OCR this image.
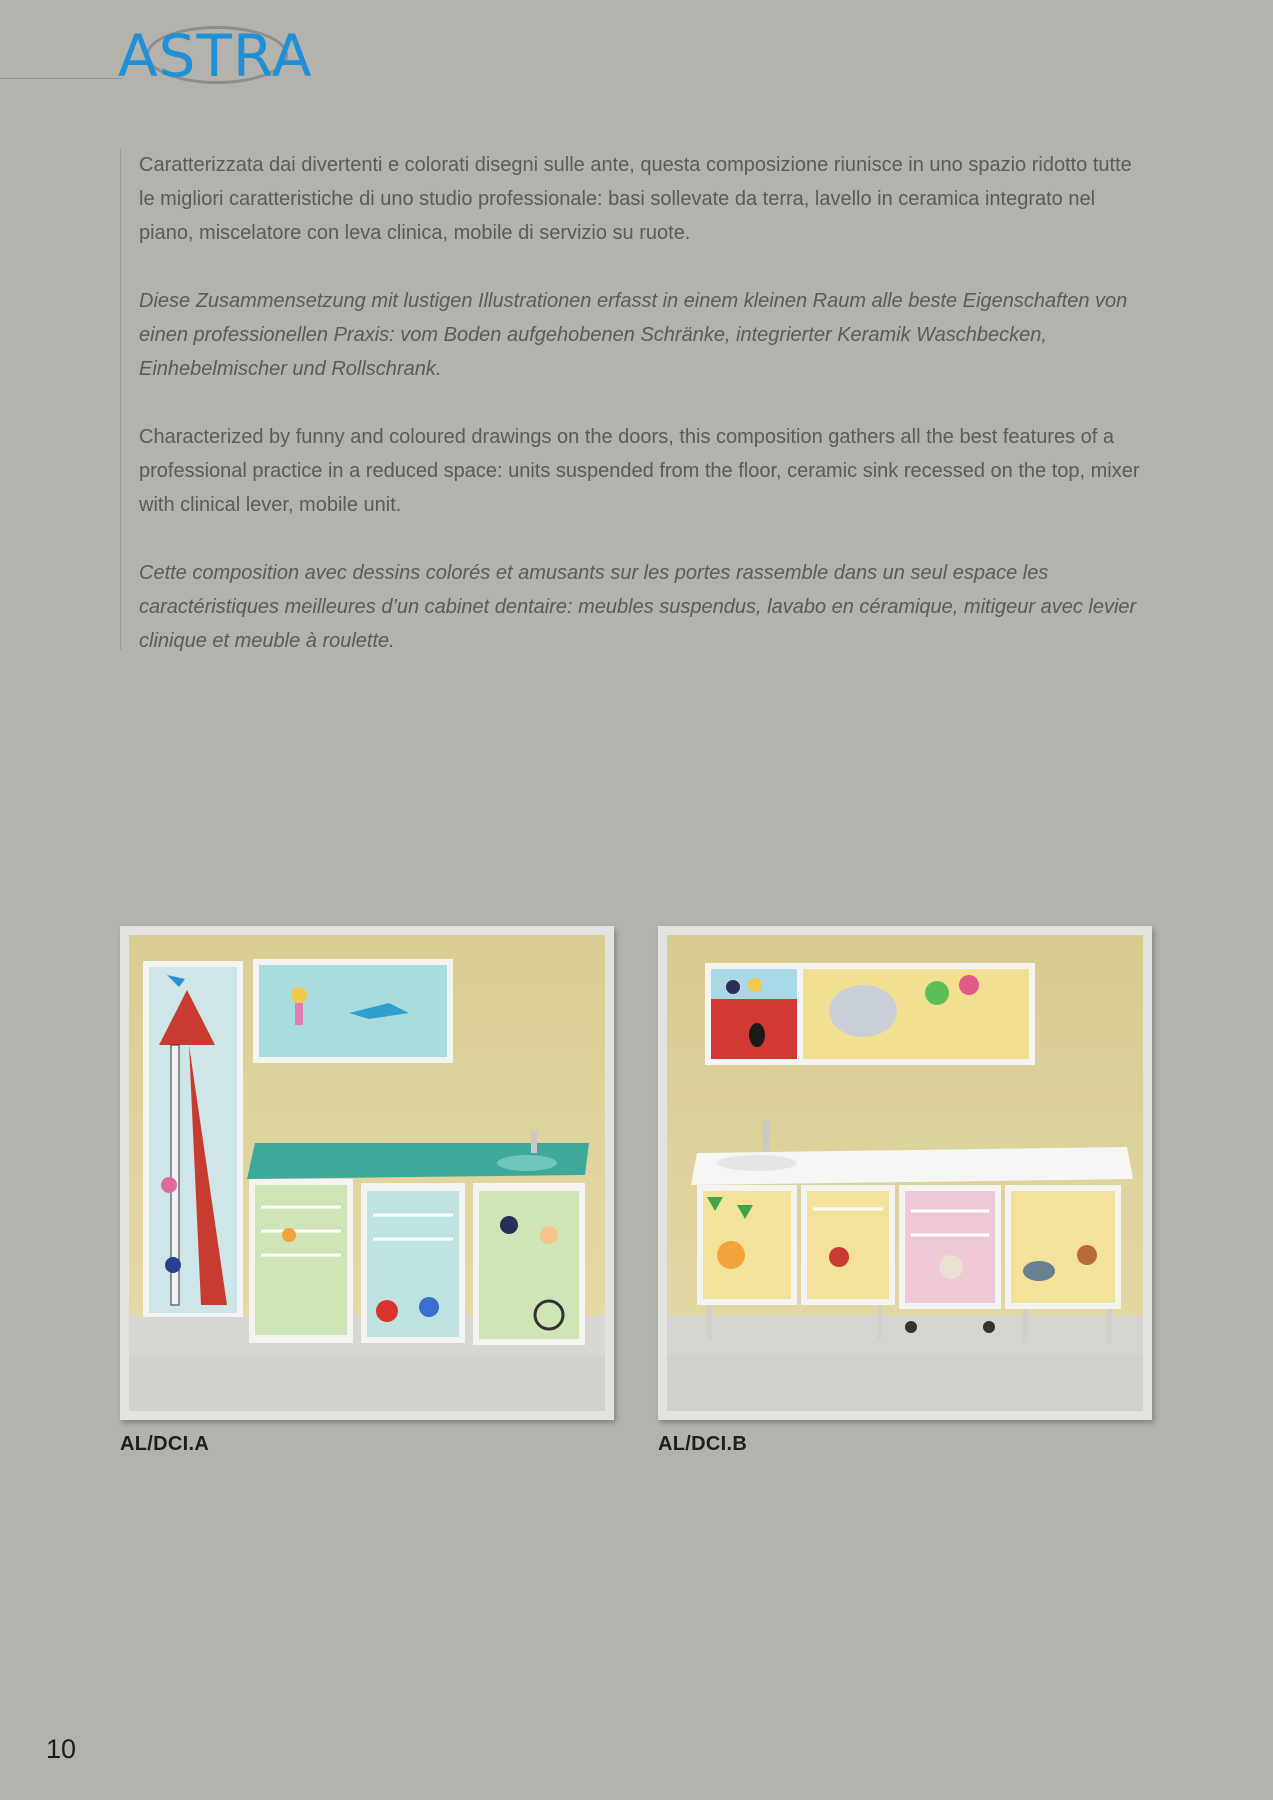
ASTRA

Caratterizzata dai divertenti e colorati disegni sulle ante, questa composizione riunisce in uno spazio ridotto tutte le migliori caratteristiche di uno studio professionale: basi sollevate da terra, lavello in ceramica integrato nel piano, miscelatore con leva clinica, mobile di servizio su ruote.

Diese Zusammensetzung mit lustigen Illustrationen erfasst in einem kleinen Raum alle beste Eigenschaften von einen professionellen Praxis: vom Boden aufgehobenen Schränke, integrierter Keramik Waschbecken, Einhebelmischer und Rollschrank.

Characterized by funny and coloured drawings on the doors, this composition gathers all the best features of a professional practice in a reduced space: units suspended from the floor, ceramic sink recessed on the top, mixer with clinical lever, mobile unit.

Cette composition avec dessins colorés et amusants sur les portes rassemble dans un seul espace les caractéristiques meilleures d’un cabinet dentaire: meubles suspendus, lavabo en céramique, mitigeur avec levier clinique et meuble à roulette.

AL/DCI.A	AL/DCI.B
10
